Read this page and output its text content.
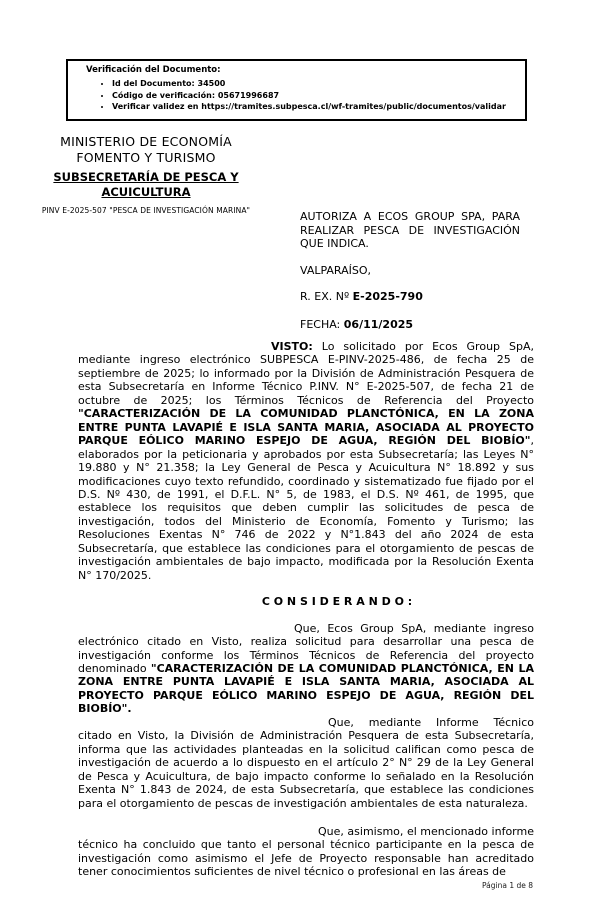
Verificación del Documento:
• Id del Documento: 34500
• Código de verificación: 05671996687
• Verificar validez en https://tramites.subpesca.cl/wf-tramites/public/documentos/validar
MINISTERIO DE ECONOMÍA
FOMENTO Y TURISMO
SUBSECRETARÍA DE PESCA Y
ACUICULTURA
PINV E-2025-507 "PESCA DE INVESTIGACIÓN MARINA"	AUTORIZA A ECOS GROUP SPA, PARA REALIZAR PESCA DE INVESTIGACIÓN QUE INDICA.

VALPARAÍSO,

R. EX. Nº E-2025-790

FECHA: 06/11/2025

VISTO: Lo solicitado por Ecos Group SpA, mediante ingreso electrónico SUBPESCA E-PINV-2025-486, de fecha 25 de septiembre de 2025; lo informado por la División de Administración Pesquera de esta Subsecretaría en Informe Técnico P.INV. N° E-2025-507, de fecha 21 de octubre de 2025; los Términos Técnicos de Referencia del Proyecto "CARACTERIZACIÓN DE LA COMUNIDAD PLANCTÓNICA, EN LA ZONA ENTRE PUNTA LAVAPIÉ E ISLA SANTA MARIA, ASOCIADA AL PROYECTO PARQUE EÓLICO MARINO ESPEJO DE AGUA, REGIÓN DEL BIOBÍO", elaborados por la peticionaria y aprobados por esta Subsecretaría; las Leyes N° 19.880 y N° 21.358; la Ley General de Pesca y Acuicultura N° 18.892 y sus modificaciones cuyo texto refundido, coordinado y sistematizado fue fijado por el D.S. Nº 430, de 1991, el D.F.L. N° 5, de 1983, el D.S. Nº 461, de 1995, que establece los requisitos que deben cumplir las solicitudes de pesca de investigación, todos del Ministerio de Economía, Fomento y Turismo; las Resoluciones Exentas N° 746 de 2022 y N°1.843 del año 2024 de esta Subsecretaría, que establece las condiciones para el otorgamiento de pescas de investigación ambientales de bajo impacto, modificada por la Resolución Exenta N° 170/2025.

C O N S I D E R A N D O :

Que, Ecos Group SpA, mediante ingreso electrónico citado en Visto, realiza solicitud para desarrollar una pesca de investigación conforme los Términos Técnicos de Referencia del proyecto denominado "CARACTERIZACIÓN DE LA COMUNIDAD PLANCTÓNICA, EN LA ZONA ENTRE PUNTA LAVAPIÉ E ISLA SANTA MARIA, ASOCIADA AL PROYECTO PARQUE EÓLICO MARINO ESPEJO DE AGUA, REGIÓN DEL BIOBÍO".

Que, mediante Informe Técnico citado en Visto, la División de Administración Pesquera de esta Subsecretaría, informa que las actividades planteadas en la solicitud califican como pesca de investigación de acuerdo a lo dispuesto en el artículo 2° N° 29 de la Ley General de Pesca y Acuicultura, de bajo impacto conforme lo señalado en la Resolución Exenta N° 1.843 de 2024, de esta Subsecretaría, que establece las condiciones para el otorgamiento de pescas de investigación ambientales de esta naturaleza.

Que, asimismo, el mencionado informe técnico ha concluido que tanto el personal técnico participante en la pesca de investigación como asimismo el Jefe de Proyecto responsable han acreditado tener conocimientos suficientes de nivel técnico o profesional en las áreas de

Página 1 de 8
